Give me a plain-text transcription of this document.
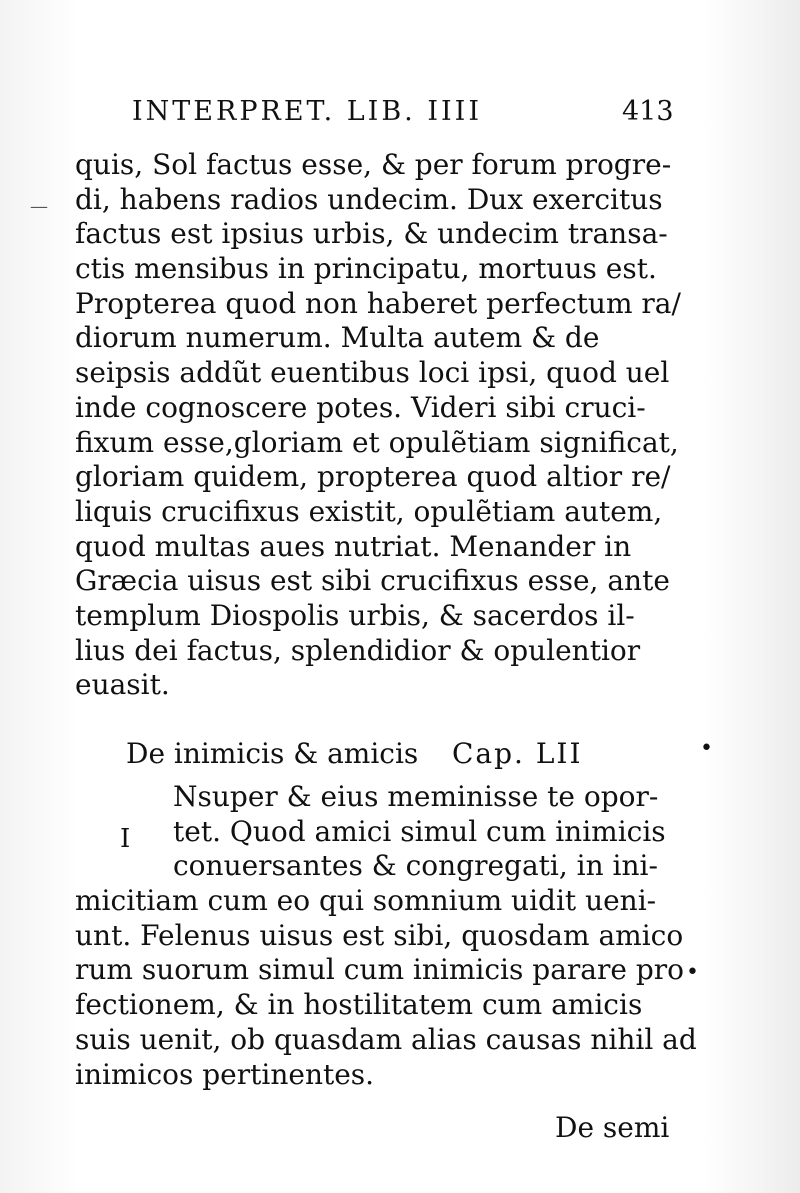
INTERPRET. LIB. IIII	413
—
quis, Sol factus esse, & per forum progre-
di, habens radios undecim. Dux exercitus
factus est ipsius urbis, & undecim transa-
ctis mensibus in principatu, mortuus est.
Propterea quod non haberet perfectum ra/
diorum numerum. Multa autem & de
seipsis addũt euentibus loci ipsi, quod uel
inde cognoscere potes. Videri sibi cruci-
fixum esse,gloriam et opulẽtiam significat,
gloriam quidem, propterea quod altior re/
liquis crucifixus existit, opulẽtiam autem,
quod multas aues nutriat. Menander in
Græcia uisus est sibi crucifixus esse, ante
templum Diospolis urbis, & sacerdos il-
lius dei factus, splendidior & opulentior
euasit.
De inimicis & amicis Cap. LII	•
I
Nsuper & eius meminisse te opor-
tet. Quod amici simul cum inimicis
conuersantes & congregati, in ini-
micitiam cum eo qui somnium uidit ueni-
unt. Felenus uisus est sibi, quosdam amico
rum suorum simul cum inimicis parare pro
fectionem, & in hostilitatem cum amicis
suis uenit, ob quasdam alias causas nihil ad
inimicos pertinentes.
•
De semi
